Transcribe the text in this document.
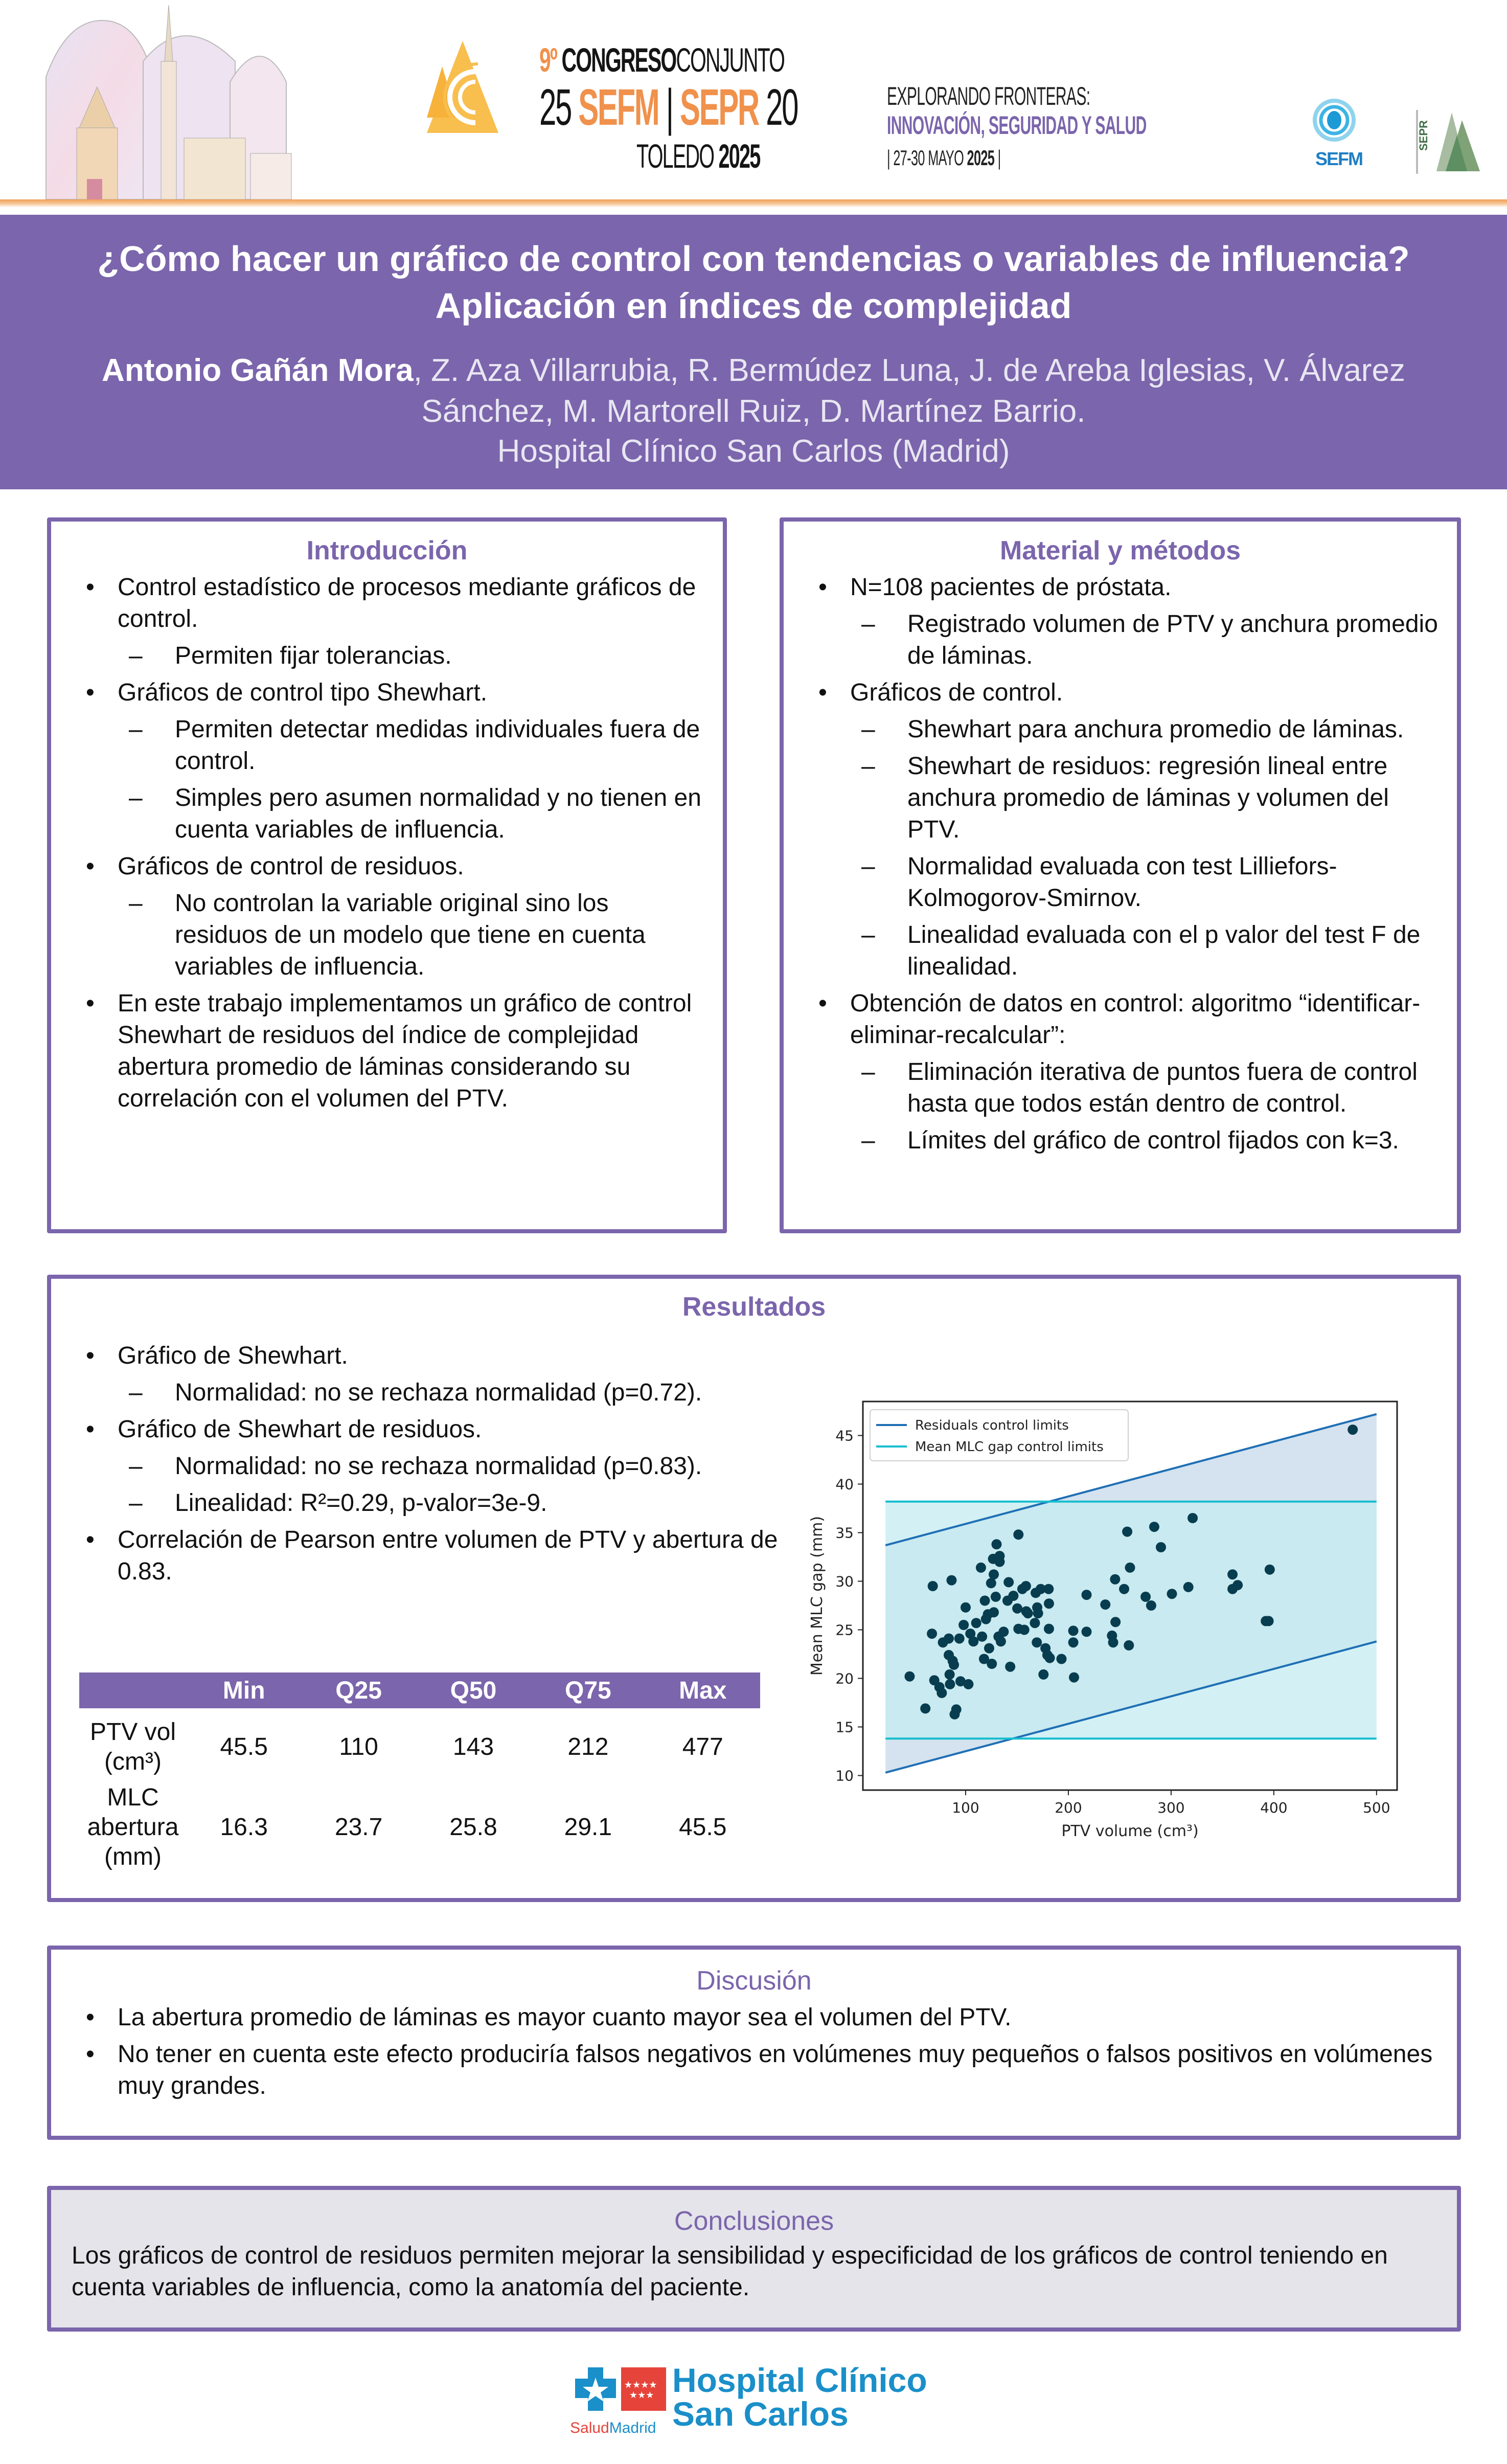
9º CONGRESOCONJUNTO
25 SEFM | SEPR 20
TOLEDO 2025
EXPLORANDO FRONTERAS:
INNOVACIÓN, SEGURIDAD Y SALUD
| 27-30 MAYO 2025 |	SEFM
SEPR
¿Cómo hacer un gráfico de control con tendencias o variables de influencia?
Aplicación en índices de complejidad
Antonio Gañán Mora, Z. Aza Villarrubia, R. Bermúdez Luna, J. de Areba Iglesias, V. Álvarez Sánchez, M. Martorell Ruiz, D. Martínez Barrio.
Hospital Clínico San Carlos (Madrid)
Introducción
• Control estadístico de procesos mediante gráficos de control.
– Permiten fijar tolerancias.
• Gráficos de control tipo Shewhart.
– Permiten detectar medidas individuales fuera de control.
– Simples pero asumen normalidad y no tienen en cuenta variables de influencia.
• Gráficos de control de residuos.
– No controlan la variable original sino los residuos de un modelo que tiene en cuenta variables de influencia.
• En este trabajo implementamos un gráfico de control Shewhart de residuos del índice de complejidad abertura promedio de láminas considerando su correlación con el volumen del PTV.
Material y métodos
• N=108 pacientes de próstata.
– Registrado volumen de PTV y anchura promedio de láminas.
• Gráficos de control.
– Shewhart para anchura promedio de láminas.
– Shewhart de residuos: regresión lineal entre anchura promedio de láminas y volumen del PTV.
– Normalidad evaluada con test Lilliefors-Kolmogorov-Smirnov.
– Linealidad evaluada con el p valor del test F de linealidad.
• Obtención de datos en control: algoritmo “identificar-eliminar-recalcular”:
– Eliminación iterativa de puntos fuera de control hasta que todos están dentro de control.
– Límites del gráfico de control fijados con k=3.
Resultados
• Gráfico de Shewhart.
– Normalidad: no se rechaza normalidad (p=0.72).
• Gráfico de Shewhart de residuos.
– Normalidad: no se rechaza normalidad (p=0.83).
– Linealidad: R²=0.29, p-valor=3e-9.
• Correlación de Pearson entre volumen de PTV y abertura de 0.83.
	Min	Q25	Q50	Q75	Max

PTV vol
(cm³)	45.5	110	143	212	477

MLC
abertura
(mm)	16.3	23.7	25.8	29.1	45.5
10
15
20
25
30
35
40
45
100	200	300	400	500
PTV volume (cm³)
Mean MLC gap (mm)
Residuals control limits
Mean MLC gap control limits
Discusión
• La abertura promedio de láminas es mayor cuanto mayor sea el volumen del PTV.
• No tener en cuenta este efecto produciría falsos negativos en volúmenes muy pequeños o falsos positivos en volúmenes muy grandes.
Conclusiones

Los gráficos de control de residuos permiten mejorar la sensibilidad y especificidad de los gráficos de control teniendo en cuenta variables de influencia, como la anatomía del paciente.

★★★★
★★★
SaludMadrid
Hospital Clínico
San Carlos
